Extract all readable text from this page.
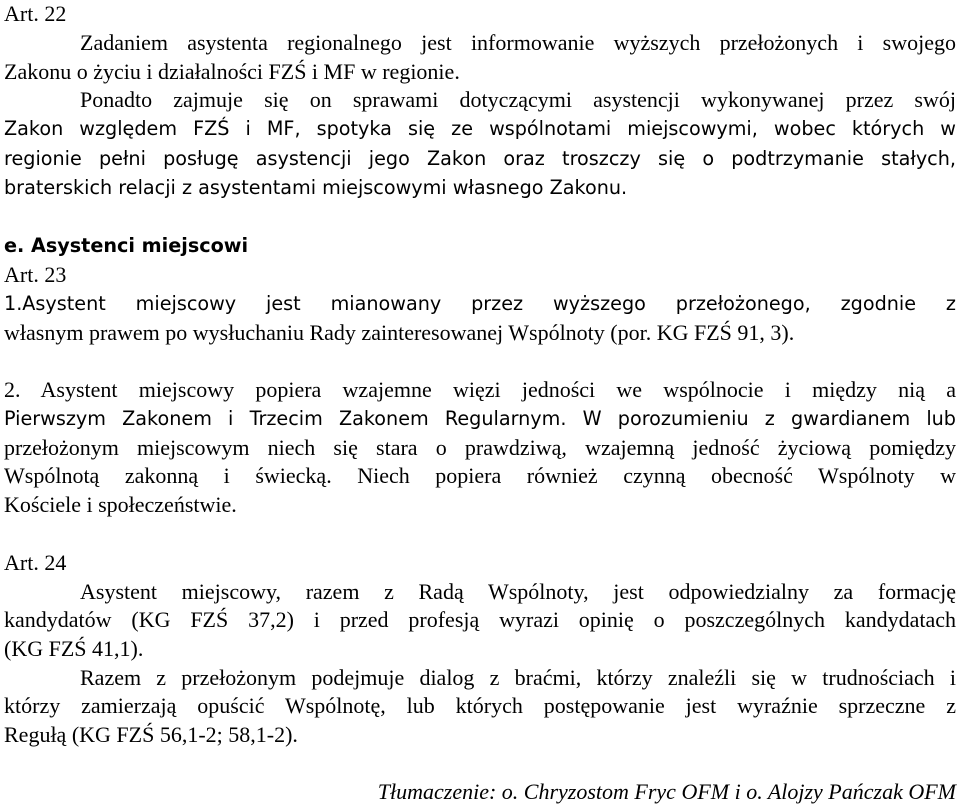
Art. 22
Zadaniem asystenta regionalnego jest informowanie wyższych przełożonych i swojego
Zakonu o życiu i działalności FZŚ i MF w regionie.
Ponadto zajmuje się on sprawami dotyczącymi asystencji wykonywanej przez swój
Zakon względem FZŚ i MF, spotyka się ze wspólnotami miejscowymi, wobec których w
regionie pełni posługę asystencji jego Zakon oraz troszczy się o podtrzymanie stałych,
braterskich relacji z asystentami miejscowymi własnego Zakonu.
e. Asystenci miejscowi
Art. 23
1.Asystent miejscowy jest mianowany przez wyższego przełożonego, zgodnie z
własnym prawem po wysłuchaniu Rady zainteresowanej Wspólnoty (por. KG FZŚ 91, 3).
2. Asystent miejscowy popiera wzajemne więzi jedności we wspólnocie i między nią a
Pierwszym Zakonem i Trzecim Zakonem Regularnym. W porozumieniu z gwardianem lub
przełożonym miejscowym niech się stara o prawdziwą, wzajemną jedność życiową pomiędzy
Wspólnotą zakonną i świecką. Niech popiera również czynną obecność Wspólnoty w
Kościele i społeczeństwie.
Art. 24
Asystent miejscowy, razem z Radą Wspólnoty, jest odpowiedzialny za formację
kandydatów (KG FZŚ 37,2) i przed profesją wyrazi opinię o poszczególnych kandydatach
(KG FZŚ 41,1).
Razem z przełożonym podejmuje dialog z braćmi, którzy znaleźli się w trudnościach i
którzy zamierzają opuścić Wspólnotę, lub których postępowanie jest wyraźnie sprzeczne z
Regułą (KG FZŚ 56,1-2; 58,1-2).
Tłumaczenie: o. Chryzostom Fryc OFM i o. Alojzy Pańczak OFM
